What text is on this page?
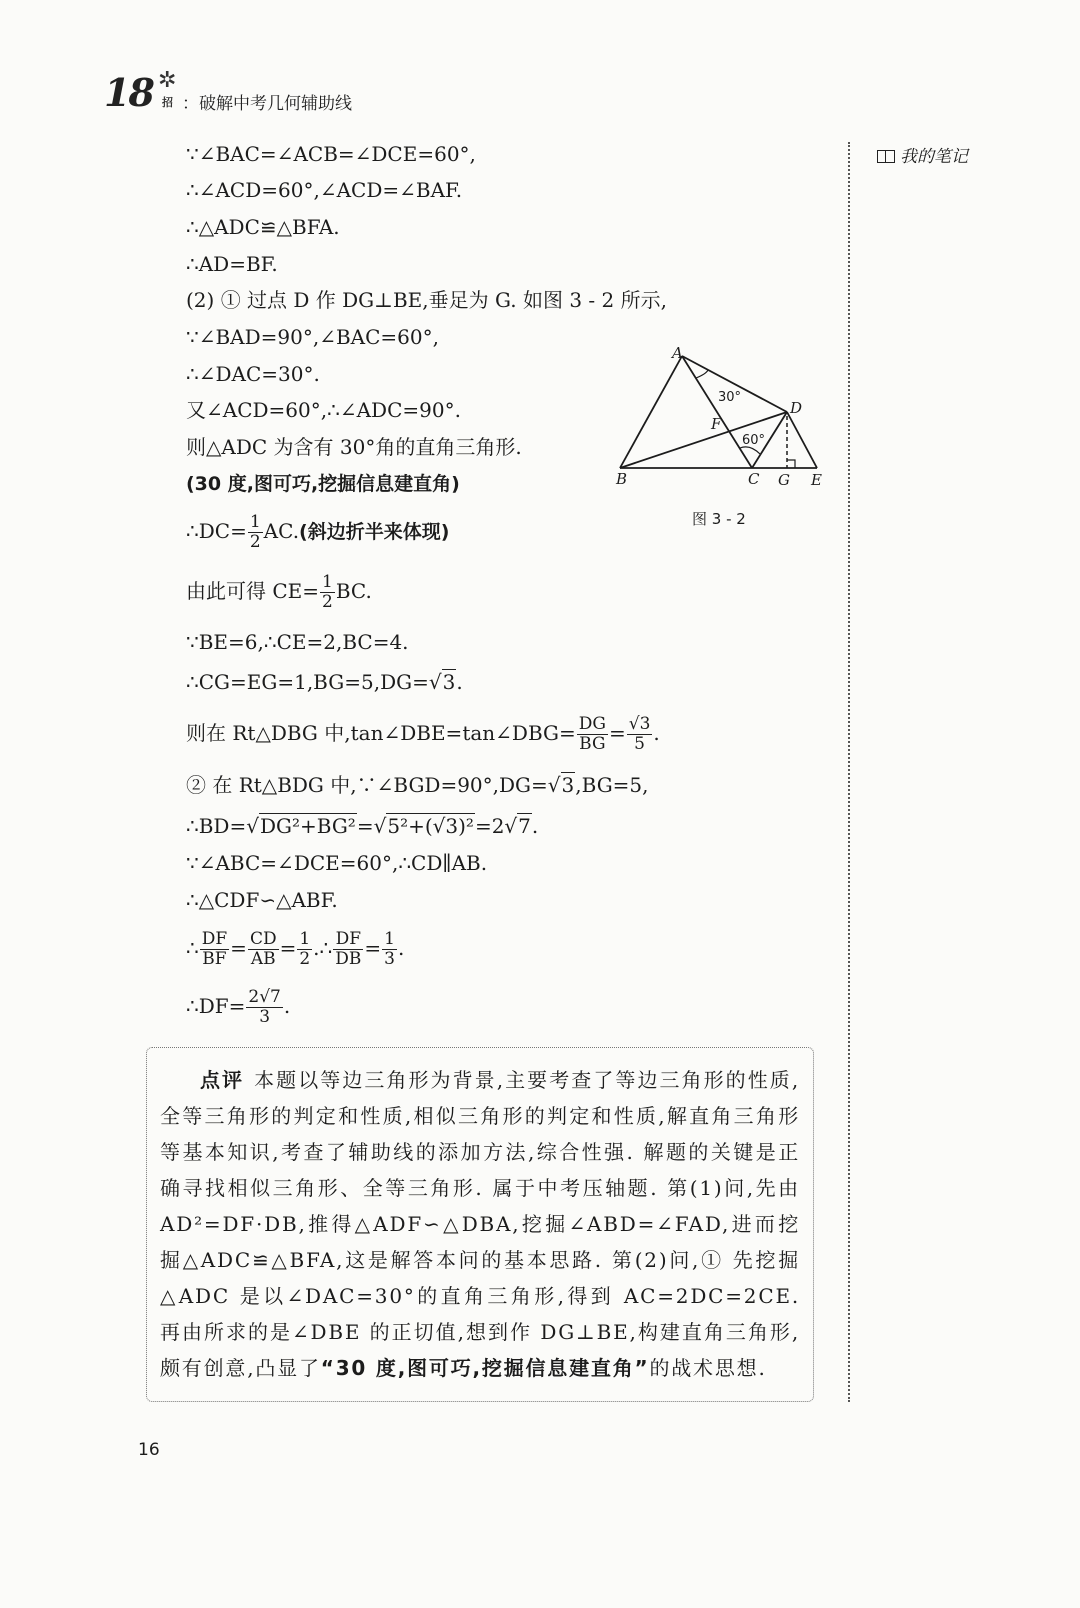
18 ✲
招 ：破解中考几何辅助线
我的笔记
∵∠BAC=∠ACB=∠DCE=60°,
∴∠ACD=60°,∠ACD=∠BAF.
∴△ADC≌△BFA.
∴AD=BF.
(2) ① 过点 D 作 DG⊥BE,垂足为 G. 如图 3 - 2 所示,
∵∠BAD=90°,∠BAC=60°,
∴∠DAC=30°.
又∠ACD=60°,∴∠ADC=90°.
则△ADC 为含有 30°角的直角三角形.
(30 度,图可巧,挖掘信息建直角)
∴DC= $\frac{1}{2} AC$.(斜边折半来体现)
由此可得 $CE= \frac{1}{2}$ BC.
∵BE=6,∴CE=2,BC=4.
∴CG=EG=1,BG=5,DG=√3.
则在 Rt△DBG 中,tan∠DBE=tan∠DBG= $\frac{DG}{BG} = \frac{√3}{5}$ .
② 在 Rt△BDG 中,∵∠BGD=90°,DG=√3,BG=5,
∴BD=√DG²+BG²=√5²+(√3)²=2√7.
∵∠ABC=∠DCE=60°,∴CD∥AB.
∴△CDF∽△ABF.
∴ $\frac{DF}{BF} = \frac{CD}{AB} = \frac{1}{2}$ .∴ $\frac{DF}{DB} = \frac{1}{3}$ .
∴DF= $\frac{2√7}{3}$ .
A
B	C
D
E
F
G
30°
60°
图 3 - 2
点评 本题以等边三角形为背景,主要考查了等边三角形的性质,全等三角形的判定和性质,相似三角形的判定和性质,解直角三角形等基本知识,考查了辅助线的添加方法,综合性强. 解题的关键是正确寻找相似三角形、全等三角形. 属于中考压轴题. 第(1)问,先由 AD²=DF·DB,推得△ADF∽△DBA,挖掘∠ABD=∠FAD,进而挖掘△ADC≌△BFA,这是解答本问的基本思路. 第(2)问,① 先挖掘△ADC 是以∠DAC=30°的直角三角形,得到 AC=2DC=2CE. 再由所求的是∠DBE 的正切值,想到作 DG⊥BE,构建直角三角形,颇有创意,凸显了“30 度,图可巧,挖掘信息建直角”的战术思想.
16
